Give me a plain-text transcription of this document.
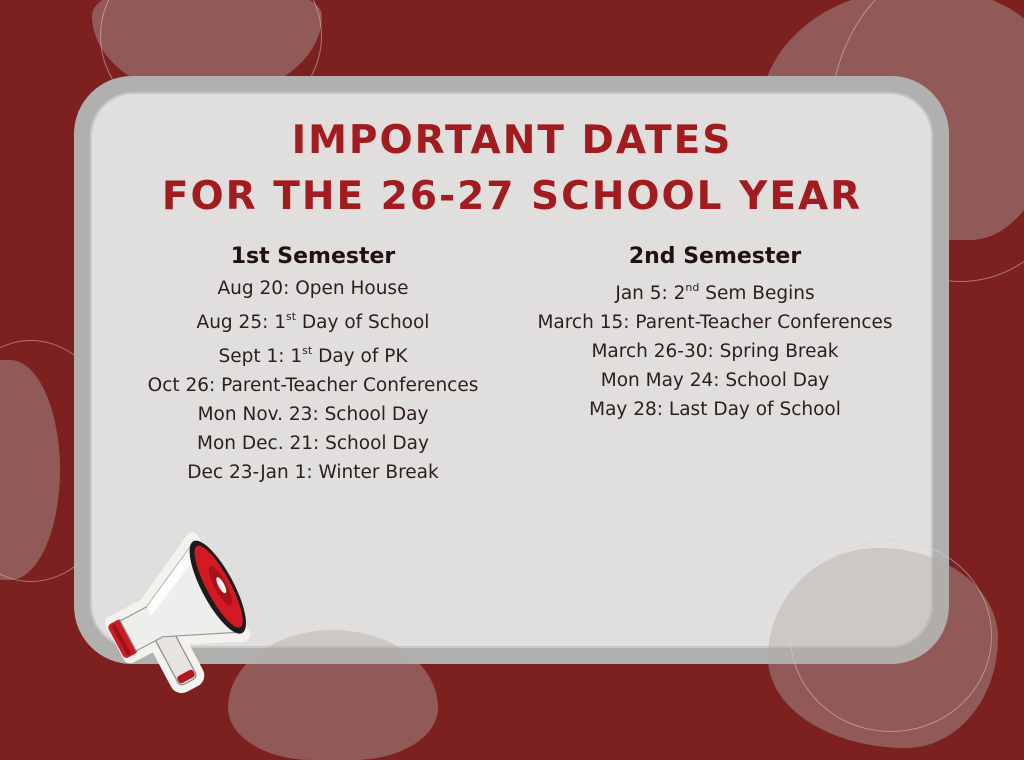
IMPORTANT DATES
FOR THE 26-27 SCHOOL YEAR
1st Semester
Aug 20: Open House
Aug 25: 1st Day of School
Sept 1: 1st Day of PK
Oct 26: Parent-Teacher Conferences
Mon Nov. 23: School Day
Mon Dec. 21: School Day
Dec 23-Jan 1: Winter Break
2nd Semester
Jan 5: 2nd Sem Begins
March 15: Parent-Teacher Conferences
March 26-30: Spring Break
Mon May 24: School Day
May 28: Last Day of School
